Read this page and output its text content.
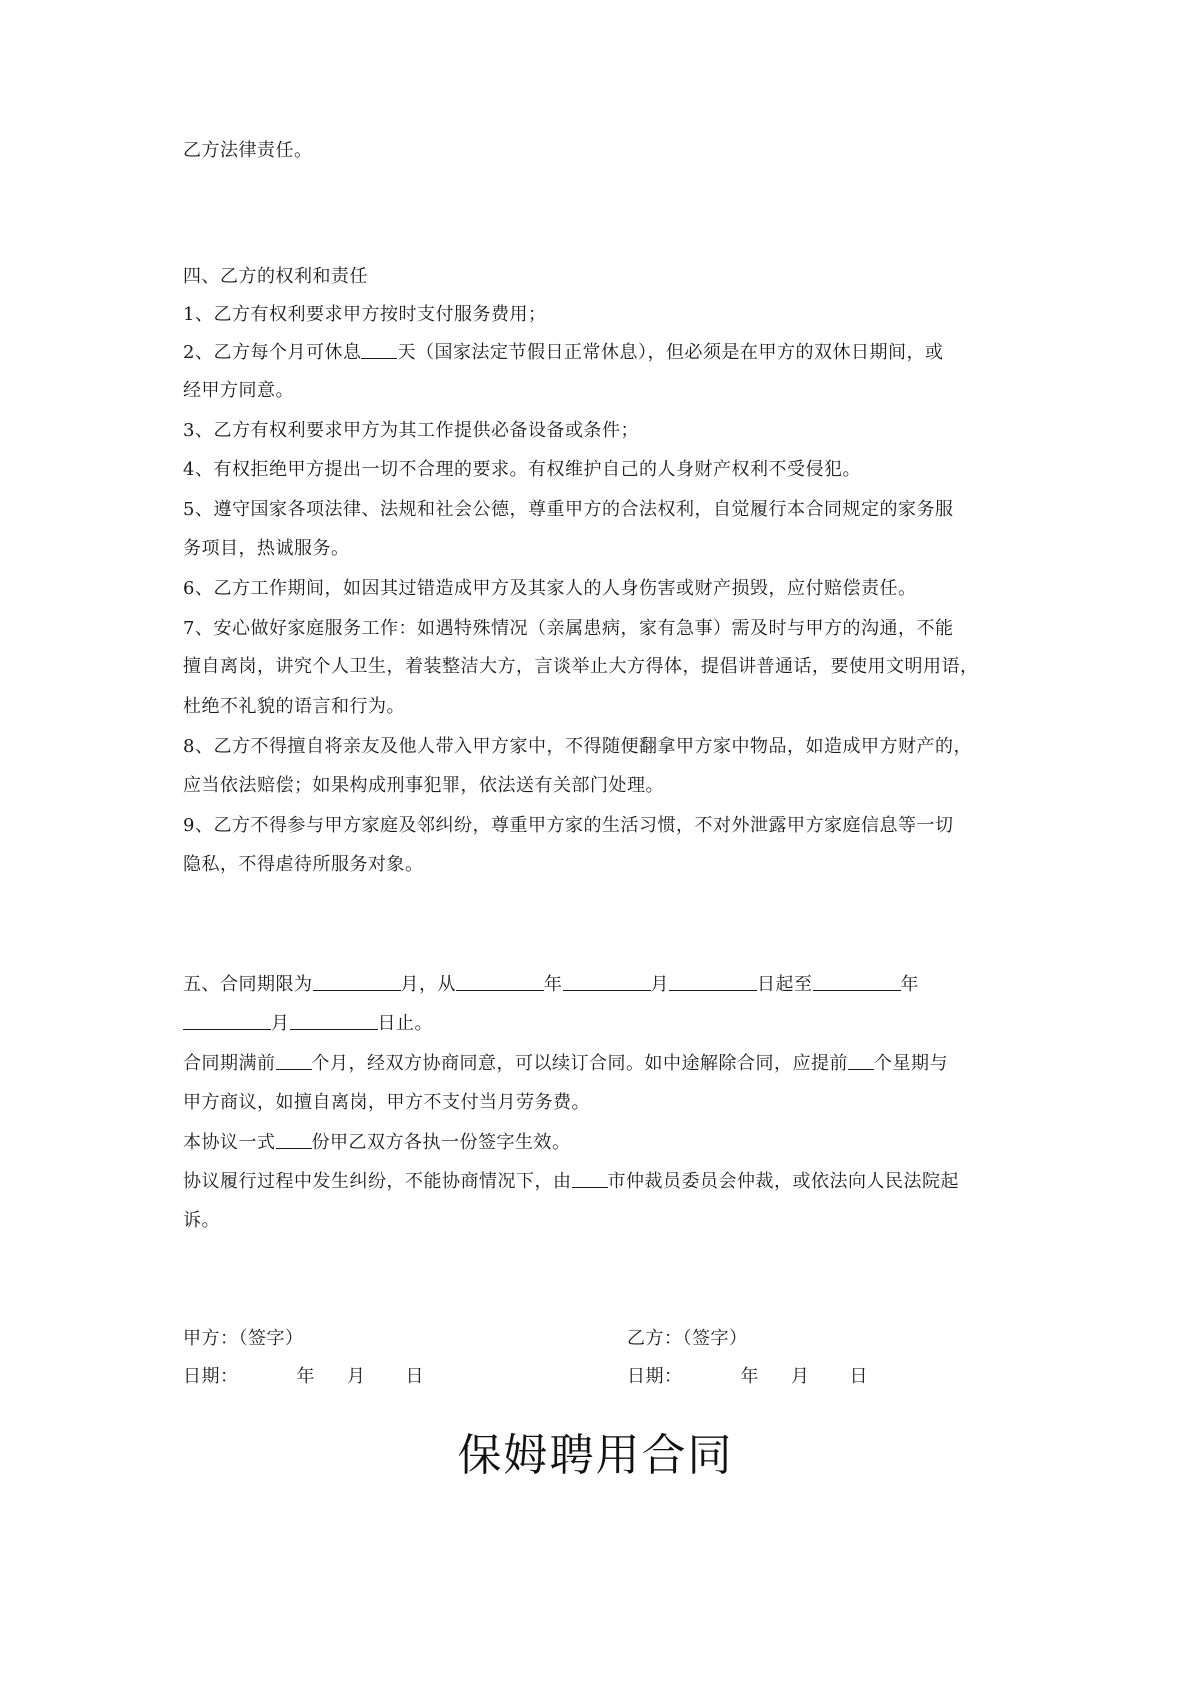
乙方法律责任。
四、乙方的权利和责任
1、乙方有权利要求甲方按时支付服务费用；
2、乙方每个月可休息 天（国家法定节假日正常休息），但必须是在甲方的双休日期间，或
经甲方同意。
3、乙方有权利要求甲方为其工作提供必备设备或条件；
4、有权拒绝甲方提出一切不合理的要求。有权维护自己的人身财产权利不受侵犯。
5、遵守国家各项法律、法规和社会公德，尊重甲方的合法权利，自觉履行本合同规定的家务服
务项目，热诚服务。
6、乙方工作期间，如因其过错造成甲方及其家人的人身伤害或财产损毁，应付赔偿责任。
7、安心做好家庭服务工作：如遇特殊情况（亲属患病，家有急事）需及时与甲方的沟通，不能
擅自离岗，讲究个人卫生，着装整洁大方，言谈举止大方得体，提倡讲普通话，要使用文明用语，
杜绝不礼貌的语言和行为。
8、乙方不得擅自将亲友及他人带入甲方家中，不得随便翻拿甲方家中物品，如造成甲方财产的，
应当依法赔偿；如果构成刑事犯罪，依法送有关部门处理。
9、乙方不得参与甲方家庭及邻纠纷，尊重甲方家的生活习惯，不对外泄露甲方家庭信息等一切
隐私，不得虐待所服务对象。
五、合同期限为	月，从	年	月	日起至	年
月	日止。
合同期满前 个月，经双方协商同意，可以续订合同。如中途解除合同，应提前 个星期与
甲方商议，如擅自离岗，甲方不支付当月劳务费。
本协议一式 份甲乙双方各执一份签字生效。
协议履行过程中发生纠纷，不能协商情况下，由 市仲裁员委员会仲裁，或依法向人民法院起
诉。
甲方：（签字）	乙方：（签字）
日期：	年 月 日	日期：	年 月 日
保姆聘用合同
